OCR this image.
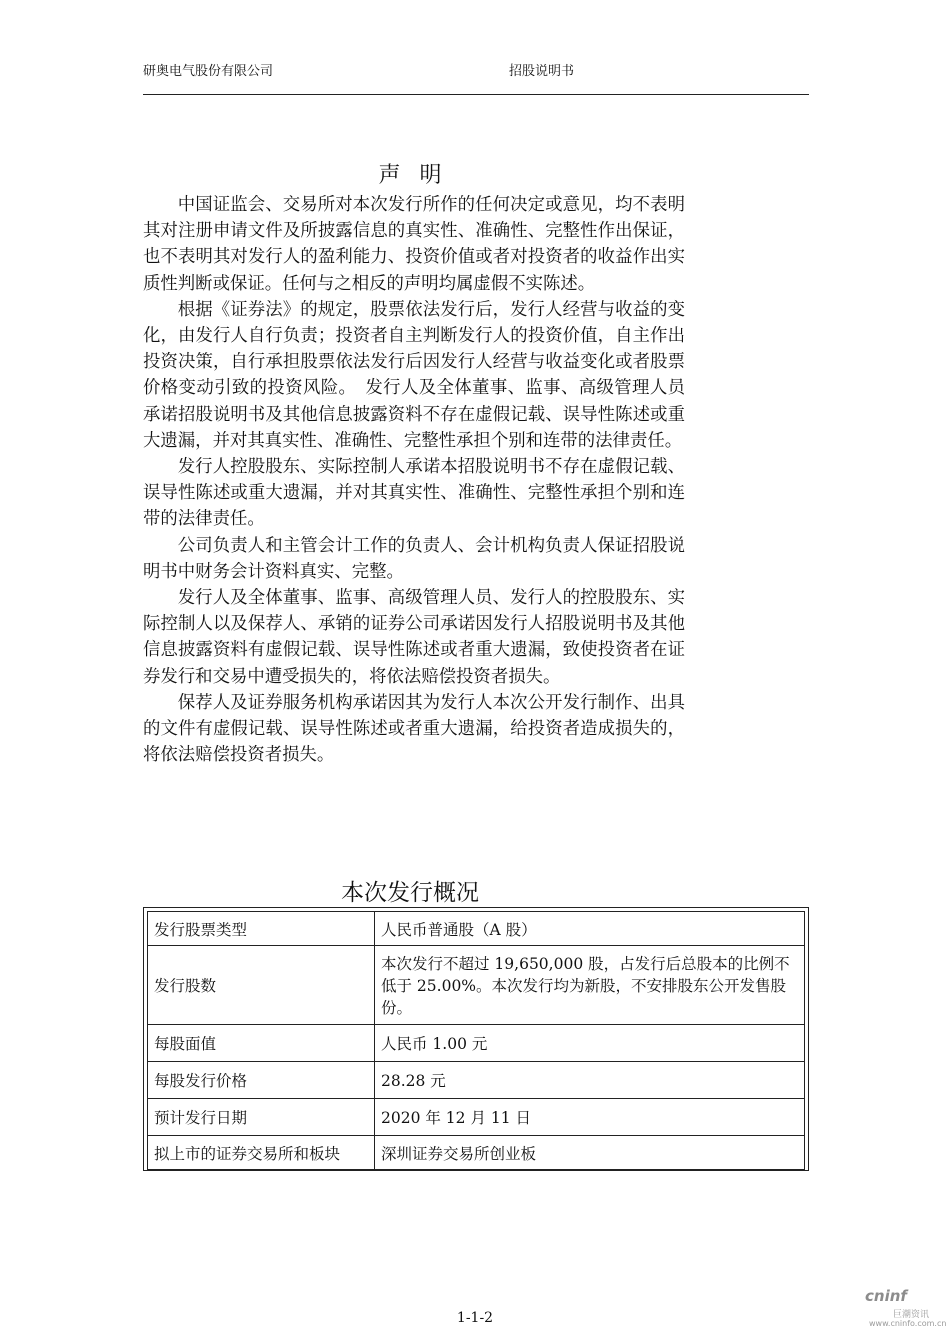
研奥电气股份有限公司	招股说明书
声 明

中国证监会、交易所对本次发行所作的任何决定或意见，均不表明其对注册申请文件及所披露信息的真实性、准确性、完整性作出保证，也不表明其对发行人的盈利能力、投资价值或者对投资者的收益作出实质性判断或保证。任何与之相反的声明均属虚假不实陈述。

根据《证券法》的规定，股票依法发行后，发行人经营与收益的变化，由发行人自行负责；投资者自主判断发行人的投资价值，自主作出投资决策，自行承担股票依法发行后因发行人经营与收益变化或者股票价格变动引致的投资风险。　发行人及全体董事、监事、高级管理人员承诺招股说明书及其他信息披露资料不存在虚假记载、误导性陈述或重大遗漏，并对其真实性、准确性、完整性承担个别和连带的法律责任。

发行人控股股东、实际控制人承诺本招股说明书不存在虚假记载、误导性陈述或重大遗漏，并对其真实性、准确性、完整性承担个别和连带的法律责任。

公司负责人和主管会计工作的负责人、会计机构负责人保证招股说明书中财务会计资料真实、完整。

发行人及全体董事、监事、高级管理人员、发行人的控股股东、实际控制人以及保荐人、承销的证券公司承诺因发行人招股说明书及其他信息披露资料有虚假记载、误导性陈述或者重大遗漏，致使投资者在证券发行和交易中遭受损失的，将依法赔偿投资者损失。

保荐人及证券服务机构承诺因其为发行人本次公开发行制作、出具的文件有虚假记载、误导性陈述或者重大遗漏，给投资者造成损失的，将依法赔偿投资者损失。

本次发行概况
发行股票类型	人民币普通股（A 股）
发行股数	本次发行不超过 19,650,000 股，占发行后总股本的比例不低于 25.00%。本次发行均为新股，不安排股东公开发售股份。
每股面值	人民币 1.00 元
每股发行价格	28.28 元
预计发行日期	2020 年 12 月 11 日
拟上市的证券交易所和板块	深圳证券交易所创业板
1-1-2
cninf
巨潮资讯
www.cninfo.com.cn
